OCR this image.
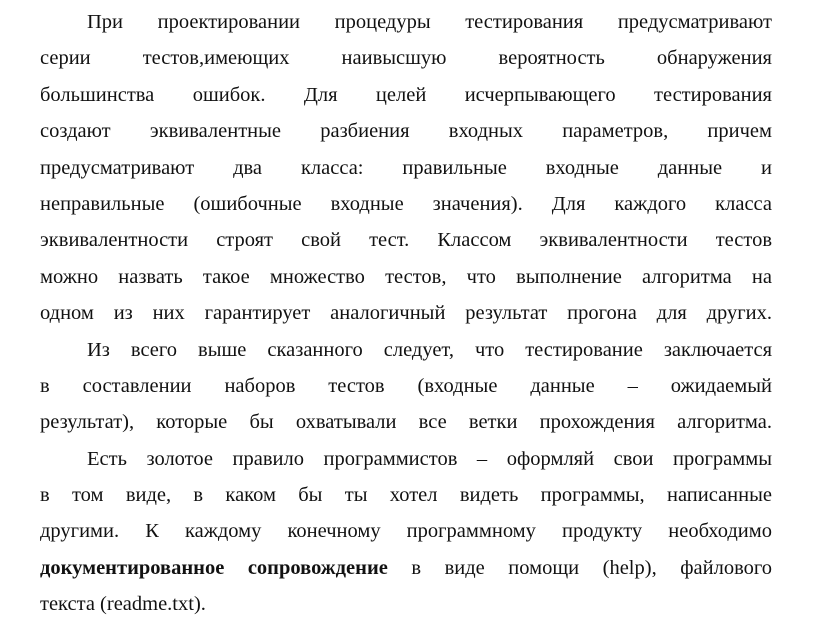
При проектировании процедуры тестирования предусматривают
серии тестов,имеющих наивысшую вероятность обнаружения
большинства ошибок. Для целей исчерпывающего тестирования
создают эквивалентные разбиения входных параметров, причем
предусматривают два класса: правильные входные данные и
неправильные (ошибочные входные значения). Для каждого класса
эквивалентности строят свой тест. Классом эквивалентности тестов
можно назвать такое множество тестов, что выполнение алгоритма на
одном из них гарантирует аналогичный результат прогона для других.
Из всего выше сказанного следует, что тестирование заключается
в составлении наборов тестов (входные данные – ожидаемый
результат), которые бы охватывали все ветки прохождения алгоритма.
Есть золотое правило программистов – оформляй свои программы
в том виде, в каком бы ты хотел видеть программы, написанные
другими. К каждому конечному программному продукту необходимо
документированное сопровождение в виде помощи (help), файлового
текста (readme.txt).
